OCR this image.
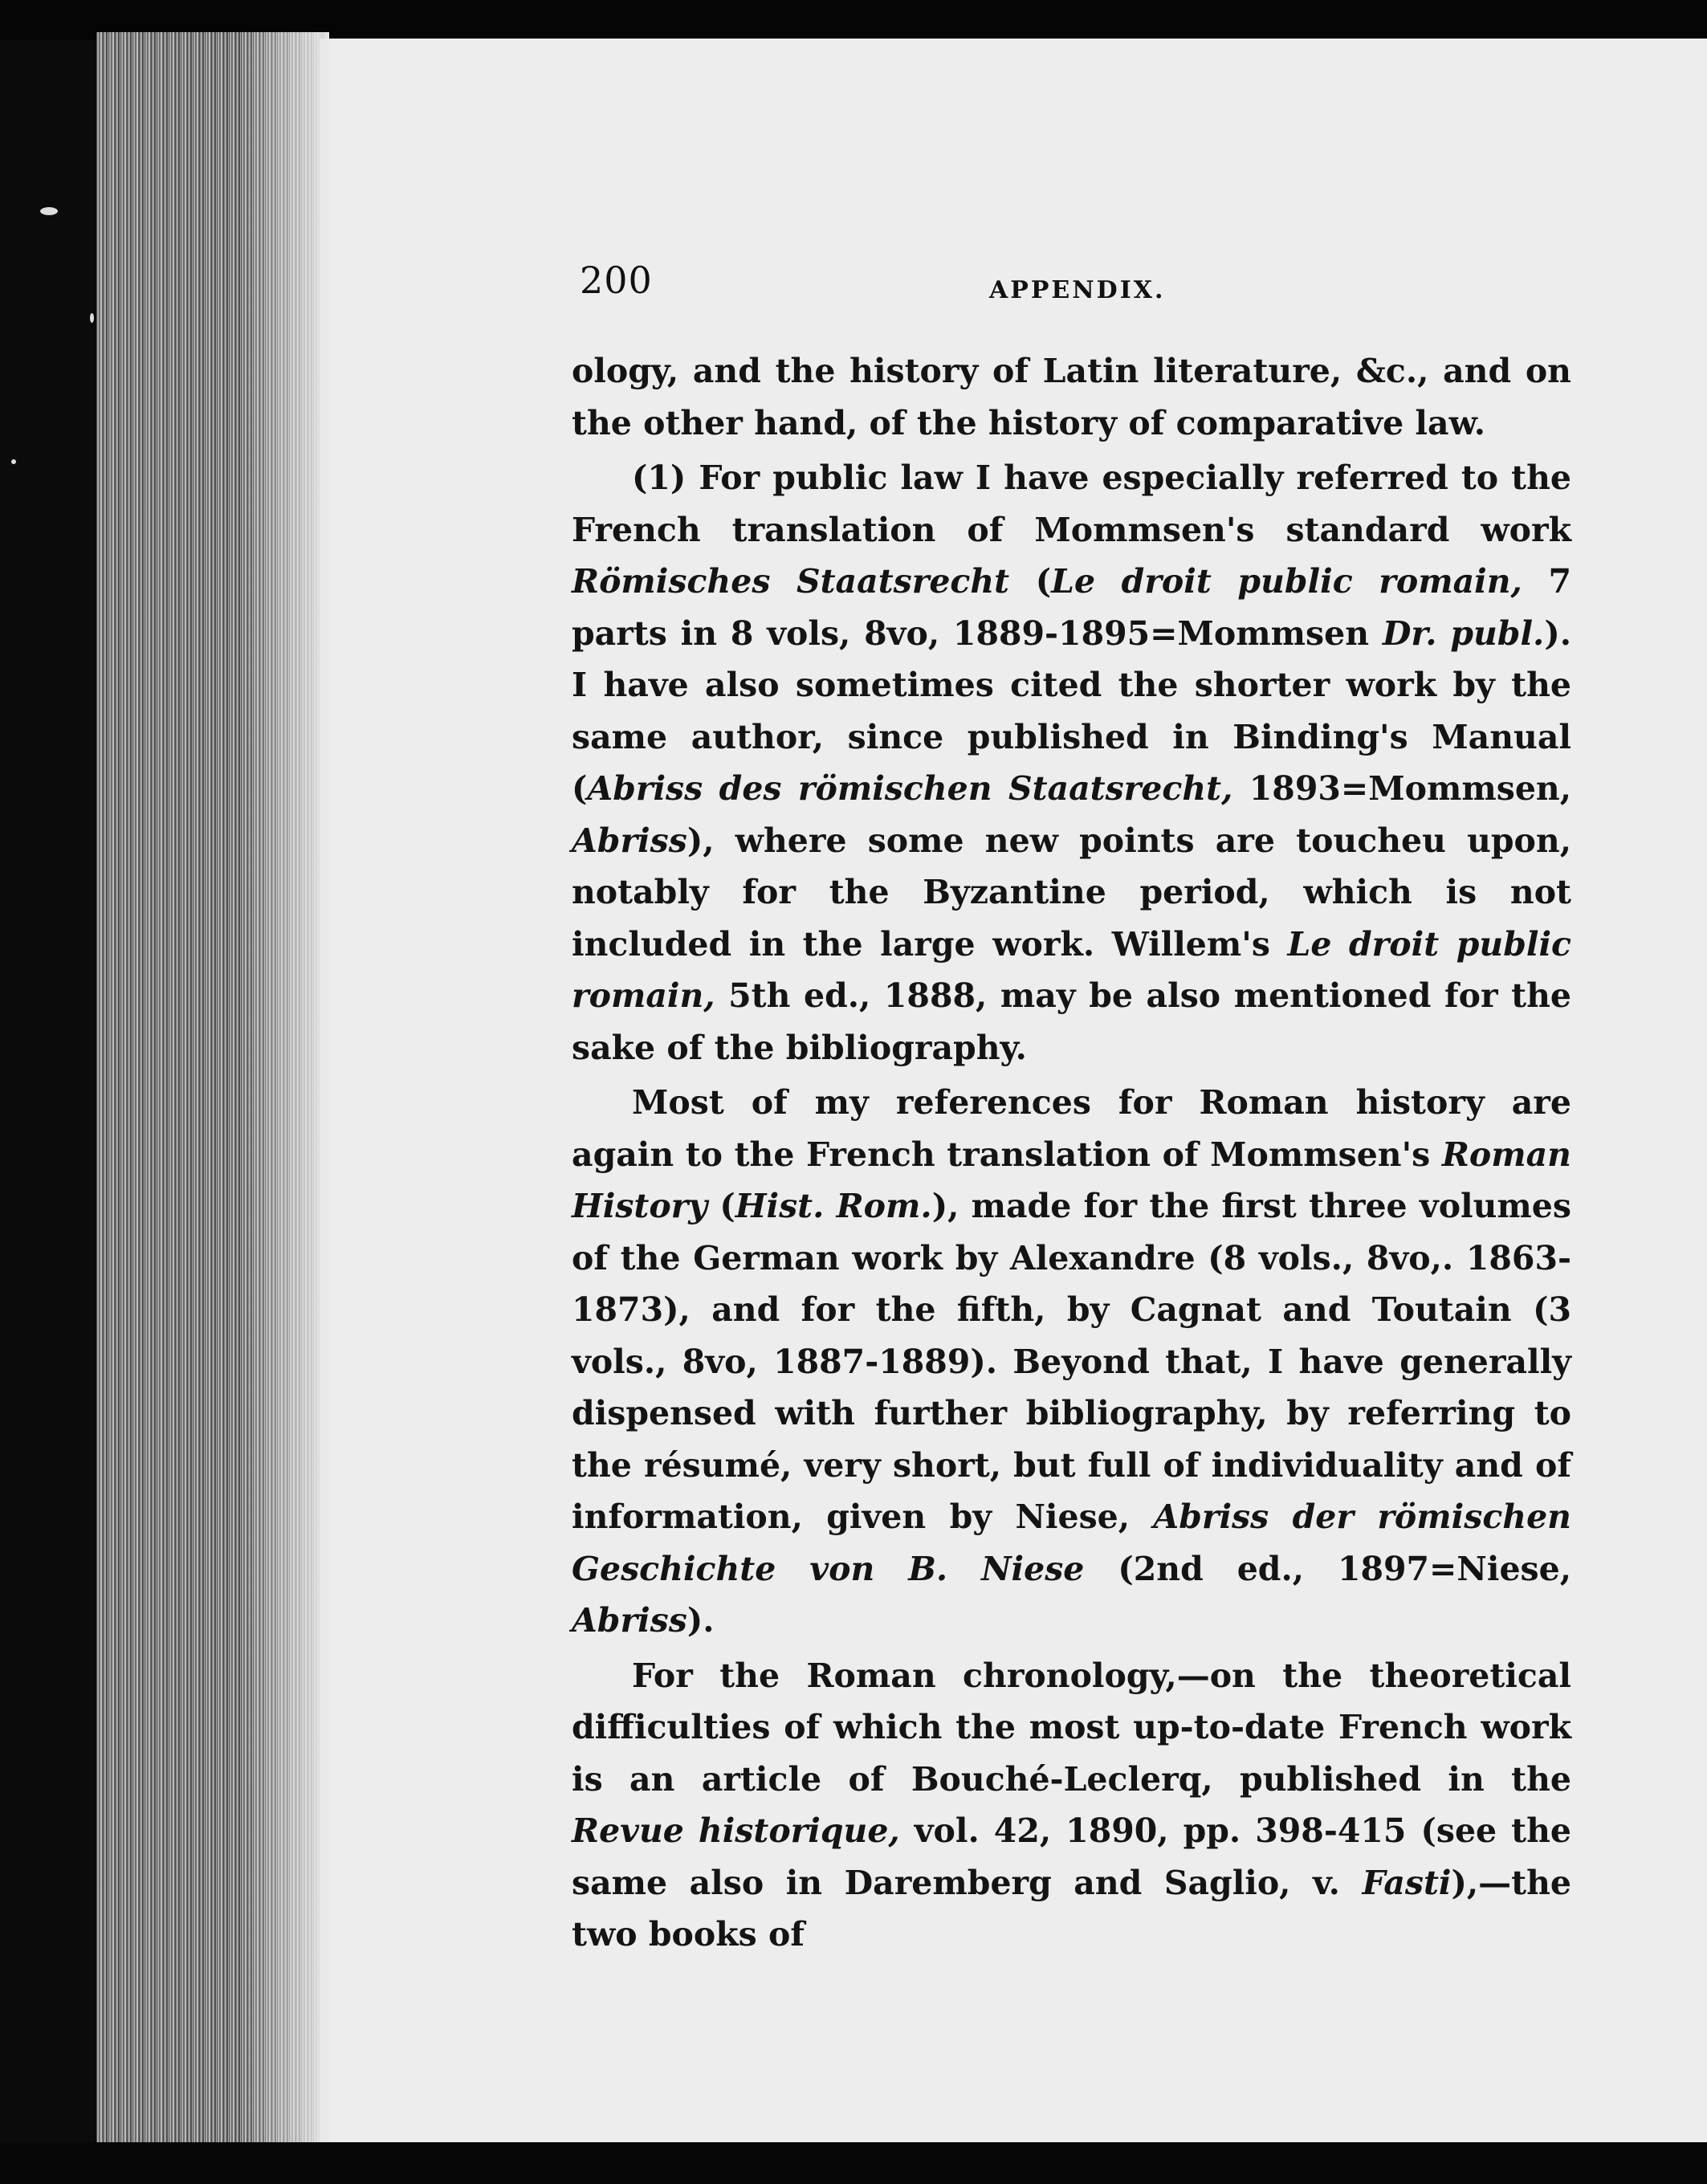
200	APPENDIX.

ology, and the history of Latin literature, &c., and on the other hand, of the history of comparative law.

(1) For public law I have especially referred to the French translation of Mommsen's standard work Römisches Staatsrecht (Le droit public romain, 7 parts in 8 vols, 8vo, 1889-1895=Mommsen Dr. publ.). I have also sometimes cited the shorter work by the same author, since published in Binding's Manual (Abriss des römischen Staatsrecht, 1893=Mommsen, Abriss), where some new points are toucheu upon, notably for the Byzantine period, which is not included in the large work. Willem's Le droit public romain, 5th ed., 1888, may be also mentioned for the sake of the bibliography.

Most of my references for Roman history are again to the French translation of Mommsen's Roman History (Hist. Rom.), made for the first three volumes of the German work by Alexandre (8 vols., 8vo,. 1863-1873), and for the fifth, by Cagnat and Toutain (3 vols., 8vo, 1887-1889). Beyond that, I have generally dispensed with further bibliography, by referring to the résumé, very short, but full of individuality and of information, given by Niese, Abriss der römischen Geschichte von B. Niese (2nd ed., 1897=Niese, Abriss).

For the Roman chronology,—on the theoretical difficulties of which the most up-to-date French work is an article of Bouché-Leclerq, published in the Revue historique, vol. 42, 1890, pp. 398-415 (see the same also in Daremberg and Saglio, v. Fasti),—the two books of
